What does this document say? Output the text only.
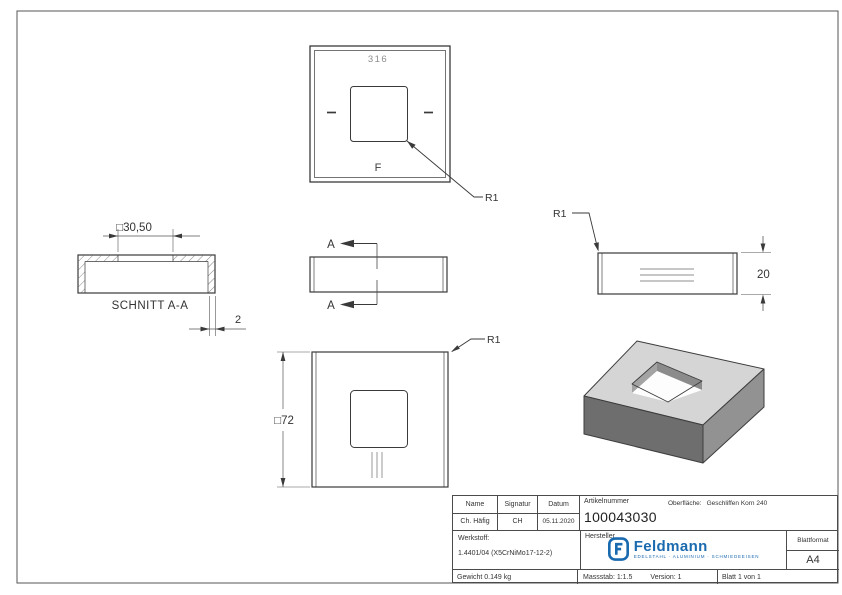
316
F
R1
□30,50
SCHNITT A-A
2
A
A
R1
20
□72
R1
Name	Signatur	Datum
Ch. Häfig	CH	05.11.2020
Artikelnummer
100043030
Oberfläche: Geschliffen Korn 240
Werkstoff:
1.4401/04 (X5CrNiMo17-12-2)
Hersteller
Feldmann
EDELSTAHL · ALUMINIUM · SCHMIEDEEISEN
Blattformat
A4
Gewicht 0.149 kg	Massstab: 1:1.5	Version: 1	Blatt 1 von 1
